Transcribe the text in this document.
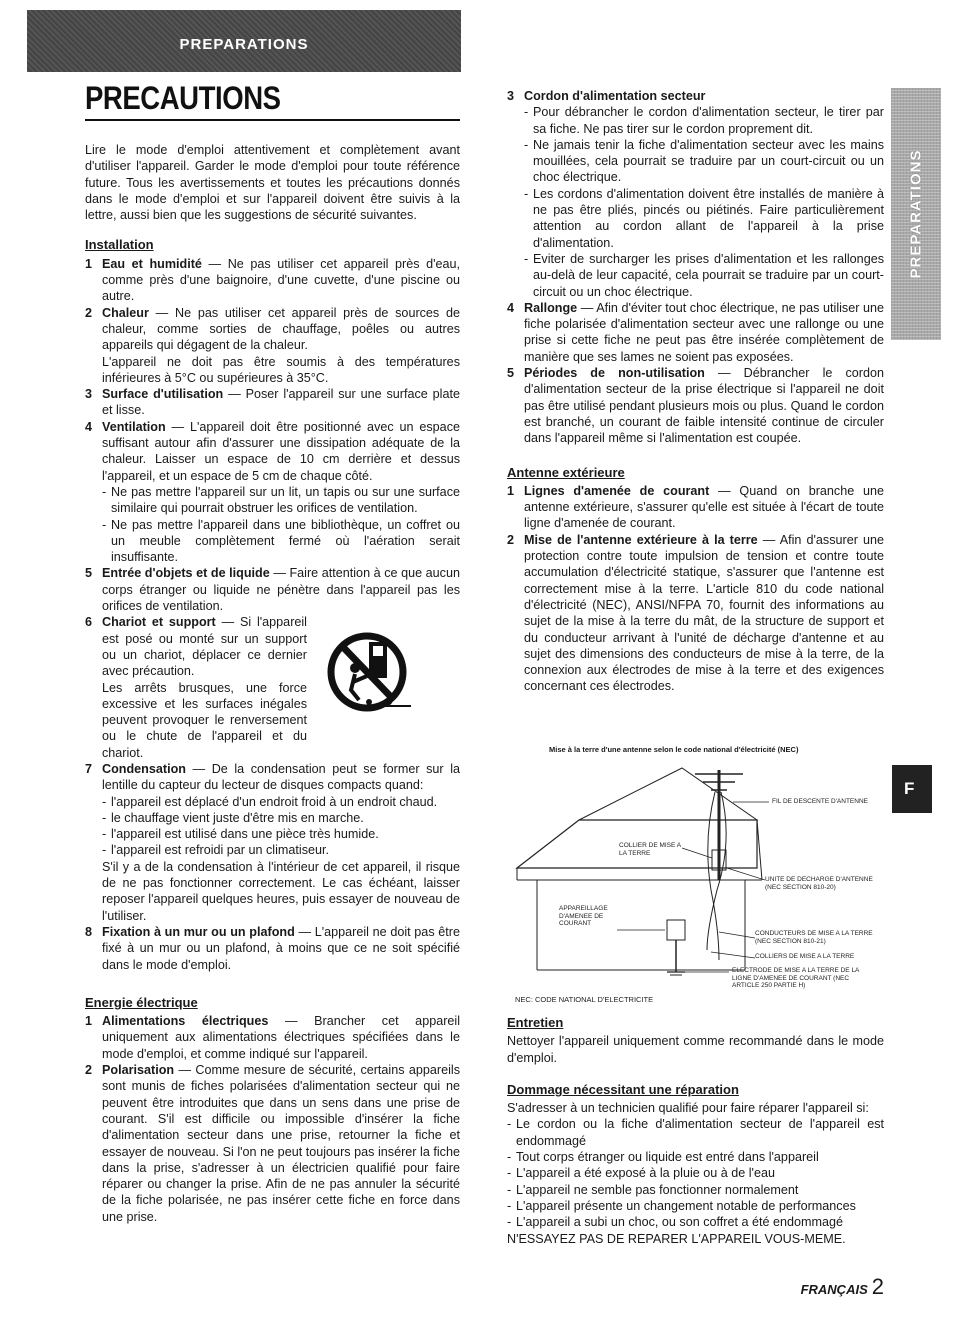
PREPARATIONS
PRECAUTIONS
PREPARATIONS
F

Lire le mode d'emploi attentivement et complètement avant d'utiliser l'appareil. Garder le mode d'emploi pour toute référence future. Tous les avertissements et toutes les précautions donnés dans le mode d'emploi et sur l'appareil doivent être suivis à la lettre, aussi bien que les suggestions de sécurité suivantes.

Installation
1 Eau et humidité — Ne pas utiliser cet appareil près d'eau, comme près d'une baignoire, d'une cuvette, d'une piscine ou autre.
2 Chaleur — Ne pas utiliser cet appareil près de sources de chaleur, comme sorties de chauffage, poêles ou autres appareils qui dégagent de la chaleur.

L'appareil ne doit pas être soumis à des températures inférieures à 5°C ou supérieures à 35°C.

3 Surface d'utilisation — Poser l'appareil sur une surface plate et lisse.
4 Ventilation — L'appareil doit être positionné avec un espace suffisant autour afin d'assurer une dissipation adéquate de la chaleur. Laisser un espace de 10 cm derrière et dessus l'appareil, et un espace de 5 cm de chaque côté.
- Ne pas mettre l'appareil sur un lit, un tapis ou sur une surface similaire qui pourrait obstruer les orifices de ventilation.
- Ne pas mettre l'appareil dans une bibliothèque, un coffret ou un meuble complètement fermé où l'aération serait insuffisante.
5 Entrée d'objets et de liquide — Faire attention à ce que aucun corps étranger ou liquide ne pénètre dans l'appareil pas les orifices de ventilation.
6 Chariot et support — Si l'appareil est posé ou monté sur un support ou un chariot, déplacer ce dernier avec précaution.

Les arrêts brusques, une force excessive et les surfaces inégales peuvent provoquer le renversement ou le chute de l'appareil et du chariot.

7 Condensation — De la condensation peut se former sur la lentille du capteur du lecteur de disques compacts quand:
- l'appareil est déplacé d'un endroit froid à un endroit chaud.
- le chauffage vient juste d'être mis en marche.
- l'appareil est utilisé dans une pièce très humide.
- l'appareil est refroidi par un climatiseur.

S'il y a de la condensation à l'intérieur de cet appareil, il risque de ne pas fonctionner correctement. Le cas échéant, laisser reposer l'appareil quelques heures, puis essayer de nouveau de l'utiliser.

8 Fixation à un mur ou un plafond — L'appareil ne doit pas être fixé à un mur ou un plafond, à moins que ce ne soit spécifié dans le mode d'emploi.
Energie électrique
1 Alimentations électriques — Brancher cet appareil uniquement aux alimentations électriques spécifiées dans le mode d'emploi, et comme indiqué sur l'appareil.
2 Polarisation — Comme mesure de sécurité, certains appareils sont munis de fiches polarisées d'alimentation secteur qui ne peuvent être introduites que dans un sens dans une prise de courant. S'il est difficile ou impossible d'insérer la fiche d'alimentation secteur dans une prise, retourner la fiche et essayer de nouveau. Si l'on ne peut toujours pas insérer la fiche dans la prise, s'adresser à un électricien qualifié pour faire réparer ou changer la prise. Afin de ne pas annuler la sécurité de la fiche polarisée, ne pas insérer cette fiche en force dans une prise.
3 Cordon d'alimentation secteur
- Pour débrancher le cordon d'alimentation secteur, le tirer par sa fiche. Ne pas tirer sur le cordon proprement dit.
- Ne jamais tenir la fiche d'alimentation secteur avec les mains mouillées, cela pourrait se traduire par un court-circuit ou un choc électrique.
- Les cordons d'alimentation doivent être installés de manière à ne pas être pliés, pincés ou piétinés. Faire particulièrement attention au cordon allant de l'appareil à la prise d'alimentation.
- Eviter de surcharger les prises d'alimentation et les rallonges au-delà de leur capacité, cela pourrait se traduire par un court-circuit ou un choc électrique.
4 Rallonge — Afin d'éviter tout choc électrique, ne pas utiliser une fiche polarisée d'alimentation secteur avec une rallonge ou une prise si cette fiche ne peut pas être insérée complètement de manière que ses lames ne soient pas exposées.
5 Périodes de non-utilisation — Débrancher le cordon d'alimentation secteur de la prise électrique si l'appareil ne doit pas être utilisé pendant plusieurs mois ou plus. Quand le cordon est branché, un courant de faible intensité continue de circuler dans l'appareil même si l'alimentation est coupée.
Antenne extérieure
1 Lignes d'amenée de courant — Quand on branche une antenne extérieure, s'assurer qu'elle est située à l'écart de toute ligne d'amenée de courant.
2 Mise de l'antenne extérieure à la terre — Afin d'assurer une protection contre toute impulsion de tension et contre toute accumulation d'électricité statique, s'assurer que l'antenne est correctement mise à la terre. L'article 810 du code national d'électricité (NEC), ANSI/NFPA 70, fournit des informations au sujet de la mise à la terre du mât, de la structure de support et du conducteur arrivant à l'unité de décharge d'antenne et au sujet des dimensions des conducteurs de mise à la terre, de la connexion aux électrodes de mise à la terre et des exigences concernant ces électrodes.
Mise à la terre d'une antenne selon le code national d'électricité (NEC)
FIL DE DESCENTE D'ANTENNE
COLLIER DE MISE A LA TERRE
UNITE DE DECHARGE D'ANTENNE (NEC SECTION 810-20)
APPAREILLAGE D'AMENEE DE COURANT
CONDUCTEURS DE MISE A LA TERRE (NEC SECTION 810-21)
COLLIERS DE MISE A LA TERRE
ELECTRODE DE MISE A LA TERRE DE LA LIGNE D'AMENEE DE COURANT (NEC ARTICLE 250 PARTIE H)
NEC: CODE NATIONAL D'ELECTRICITE
Entretien

Nettoyer l'appareil uniquement comme recommandé dans le mode d'emploi.

Dommage nécessitant une réparation

S'adresser à un technicien qualifié pour faire réparer l'appareil si:

- Le cordon ou la fiche d'alimentation secteur de l'appareil est endommagé
- Tout corps étranger ou liquide est entré dans l'appareil
- L'appareil a été exposé à la pluie ou à de l'eau
- L'appareil ne semble pas fonctionner normalement
- L'appareil présente un changement notable de performances
- L'appareil a subi un choc, ou son coffret a été endommagé

N'ESSAYEZ PAS DE REPARER L'APPAREIL VOUS-MEME.

FRANÇAIS 2
